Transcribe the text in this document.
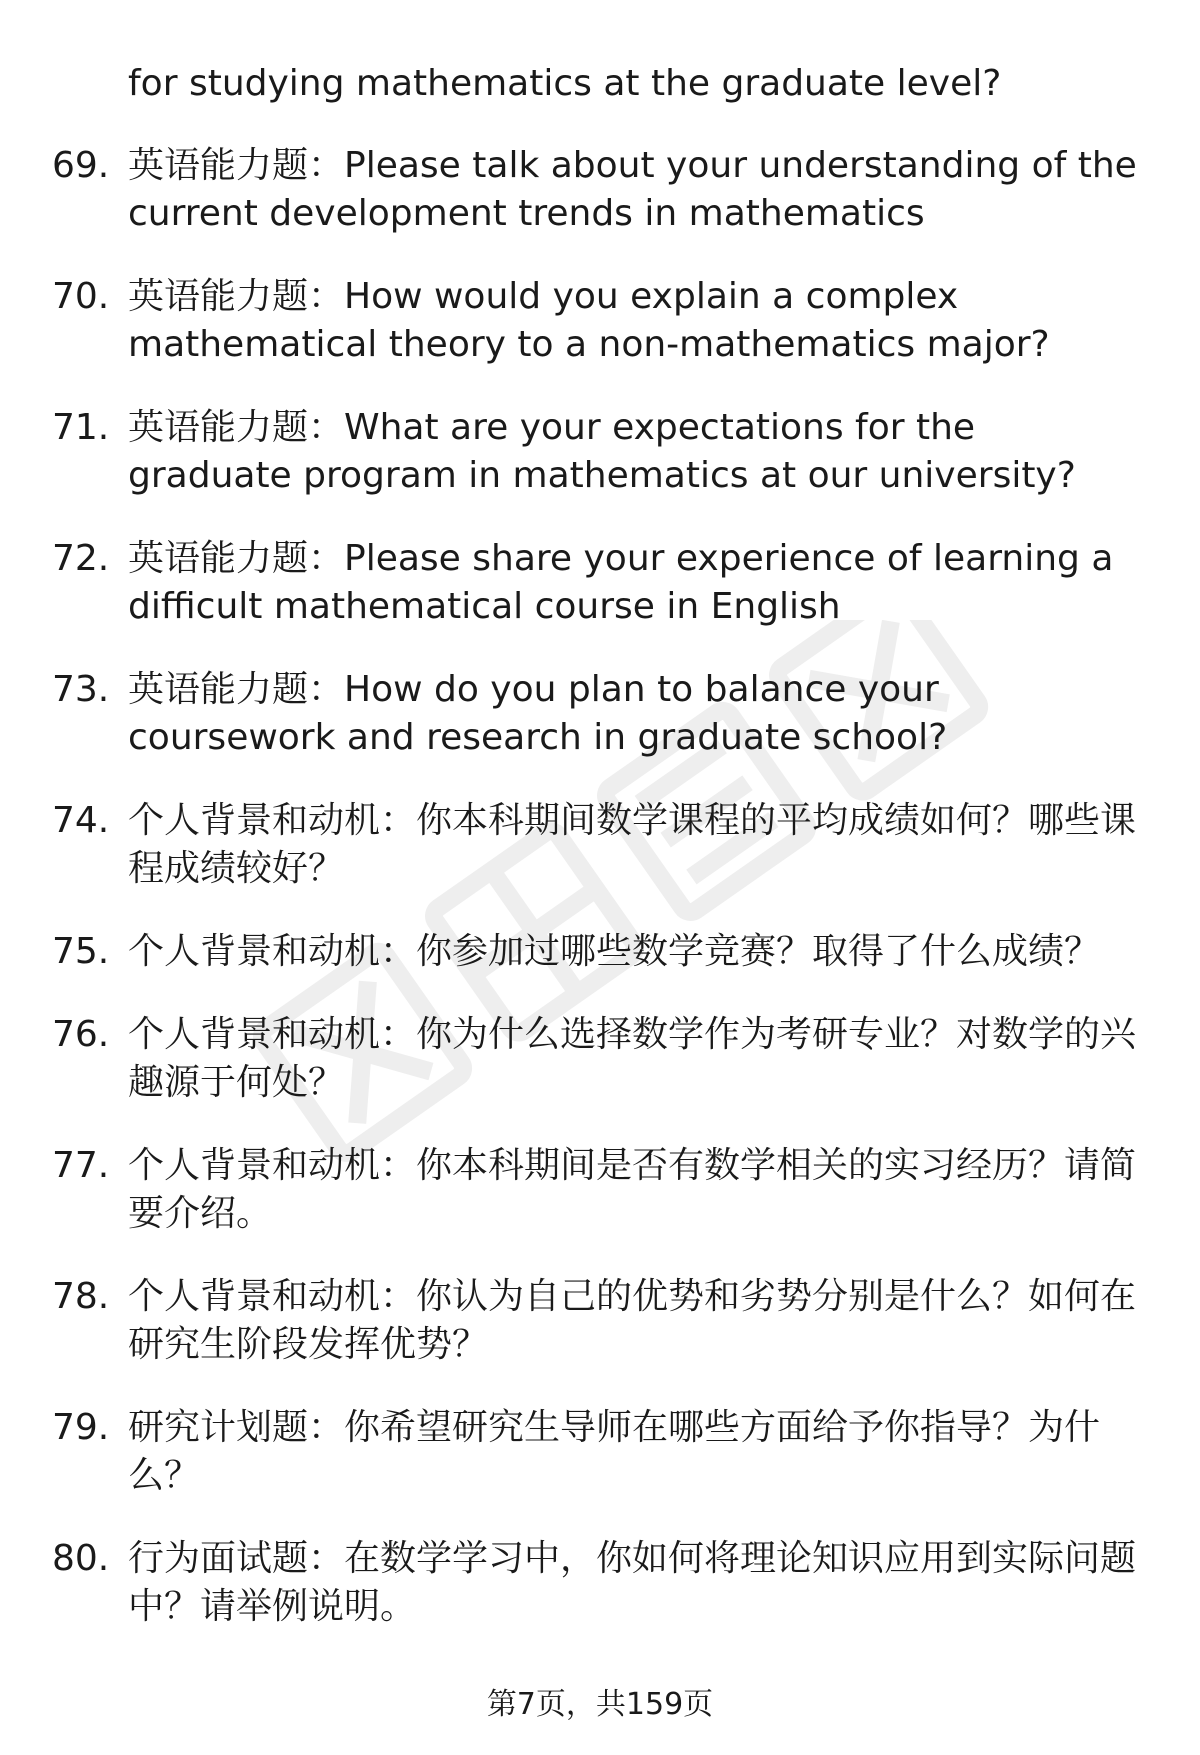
for studying mathematics at the graduate level?

69. 英语能力题：Please talk about your understanding of the current development trends in mathematics
70. 英语能力题：How would you explain a complex mathematical theory to a non-mathematics major?
71. 英语能力题：What are your expectations for the graduate program in mathematics at our university?
72. 英语能力题：Please share your experience of learning a difficult mathematical course in English
73. 英语能力题：How do you plan to balance your coursework and research in graduate school?
74. 个人背景和动机：你本科期间数学课程的平均成绩如何？哪些课程成绩较好？
75. 个人背景和动机：你参加过哪些数学竞赛？取得了什么成绩？
76. 个人背景和动机：你为什么选择数学作为考研专业？对数学的兴趣源于何处？
77. 个人背景和动机：你本科期间是否有数学相关的实习经历？请简要介绍。
78. 个人背景和动机：你认为自己的优势和劣势分别是什么？如何在研究生阶段发挥优势？
79. 研究计划题：你希望研究生导师在哪些方面给予你指导？为什么？
80. 行为面试题：在数学学习中，你如何将理论知识应用到实际问题中？请举例说明。
第7页，共159页
